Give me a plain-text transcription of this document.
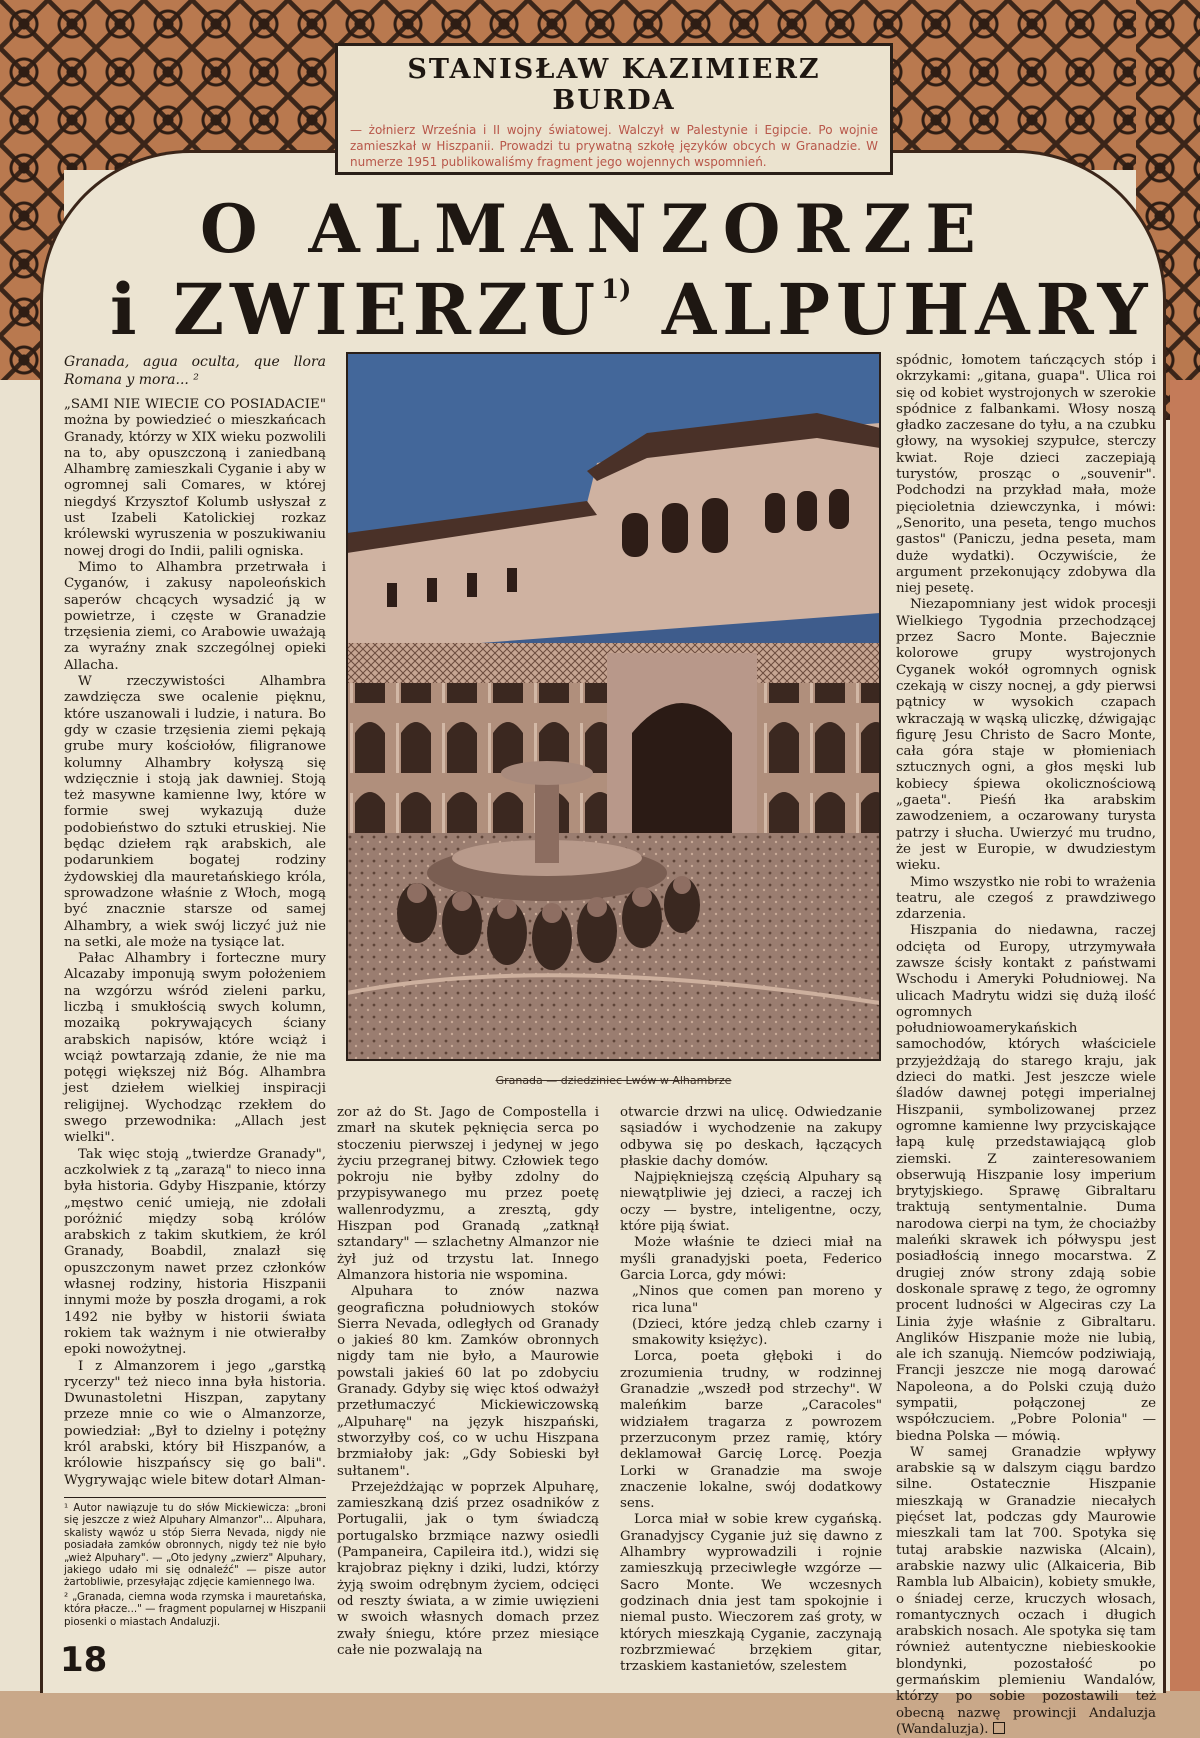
STANISŁAW KAZIMIERZ BURDA
— żołnierz Września i II wojny światowej. Walczył w Palestynie i Egipcie. Po wojnie zamieszkał w Hiszpanii. Prowadzi tu prywatną szkołę języków obcych w Granadzie. W numerze 1951 publikowaliśmy fragment jego wojennych wspomnień.
O ALMANZORZE
i ZWIERZU$^{1)}$ ALPUHARY

Granada, agua oculta, que llora Romana y mora... ²

„SAMI NIE WIECIE CO POSIADACIE" można by powiedzieć o mieszkańcach Granady, którzy w XIX wieku pozwolili na to, aby opuszczoną i zaniedbaną Alhambrę zamieszkali Cyganie i aby w ogromnej sali Comares, w której niegdyś Krzysztof Kolumb usłyszał z ust Izabeli Katolickiej rozkaz królewski wyruszenia w poszukiwaniu nowej drogi do Indii, palili ogniska.

Mimo to Alhambra przetrwała i Cyganów, i zakusy napoleońskich saperów chcących wysadzić ją w powietrze, i częste w Granadzie trzęsienia ziemi, co Arabowie uważają za wyraźny znak szczególnej opieki Allacha.

W rzeczywistości Alhambra zawdzięcza swe ocalenie pięknu, które uszanowali i ludzie, i natura. Bo gdy w czasie trzęsienia ziemi pękają grube mury kościołów, filigranowe kolumny Alhambry kołyszą się wdzięcznie i stoją jak dawniej. Stoją też masywne kamienne lwy, które w formie swej wykazują duże podobieństwo do sztuki etruskiej. Nie będąc dziełem rąk arabskich, ale podarunkiem bogatej rodziny żydowskiej dla mauretańskiego króla, sprowadzone właśnie z Włoch, mogą być znacznie starsze od samej Alhambry, a wiek swój liczyć już nie na setki, ale może na tysiące lat.

Pałac Alhambry i forteczne mury Alcazaby imponują swym położeniem na wzgórzu wśród zieleni parku, liczbą i smukłością swych kolumn, mozaiką pokrywających ściany arabskich napisów, które wciąż i wciąż powtarzają zdanie, że nie ma potęgi większej niż Bóg. Alhambra jest dziełem wielkiej inspiracji religijnej. Wychodząc rzekłem do swego przewodnika: „Allach jest wielki".

Tak więc stoją „twierdze Granady", aczkolwiek z tą „zarazą" to nieco inna była historia. Gdyby Hiszpanie, którzy „męstwo cenić umieją, nie zdołali poróżnić między sobą królów arabskich z takim skutkiem, że król Granady, Boabdil, znalazł się opuszczonym nawet przez członków własnej rodziny, historia Hiszpanii innymi może by poszła drogami, a rok 1492 nie byłby w historii świata rokiem tak ważnym i nie otwierałby epoki nowożytnej.

I z Almanzorem i jego „garstką rycerzy" też nieco inna była historia. Dwunastoletni Hiszpan, zapytany przeze mnie co wie o Almanzorze, powiedział: „Był to dzielny i potężny król arabski, który bił Hiszpanów, a królowie hiszpańscy się go bali". Wygrywając wiele bitew dotarł Alman-

¹ Autor nawiązuje tu do słów Mickiewicza: „broni się jeszcze z wież Alpuhary Almanzor"... Alpuhara, skalisty wąwóz u stóp Sierra Nevada, nigdy nie posiadała zamków obronnych, nigdy też nie było „wież Alpuhary". — „Oto jedyny „zwierz" Alpuhary, jakiego udało mi się odnaleźć" — pisze autor żartobliwie, przesyłając zdjęcie kamiennego lwa.

² „Granada, ciemna woda rzymska i mauretańska, która płacze..." — fragment popularnej w Hiszpanii piosenki o miastach Andaluzji.

Granada — dziedziniec Lwów w Alhambrze

zor aż do St. Jago de Compostella i zmarł na skutek pęknięcia serca po stoczeniu pierwszej i jedynej w jego życiu przegranej bitwy. Człowiek tego pokroju nie byłby zdolny do przypisywanego mu przez poetę wallenrodyzmu, a zresztą, gdy Hiszpan pod Granadą „zatknął sztandary" — szlachetny Almanzor nie żył już od trzystu lat. Innego Almanzora historia nie wspomina.

Alpuhara to znów nazwa geograficzna południowych stoków Sierra Nevada, odległych od Granady o jakieś 80 km. Zamków obronnych nigdy tam nie było, a Maurowie powstali jakieś 60 lat po zdobyciu Granady. Gdyby się więc ktoś odważył przetłumaczyć Mickiewiczowską „Alpuharę" na język hiszpański, stworzyłby coś, co w uchu Hiszpana brzmiałoby jak: „Gdy Sobieski był sułtanem".

Przejeżdżając w poprzek Alpuharę, zamieszkaną dziś przez osadników z Portugalii, jak o tym świadczą portugalsko brzmiące nazwy osiedli (Pampaneira, Capileira itd.), widzi się krajobraz piękny i dziki, ludzi, którzy żyją swoim odrębnym życiem, odcięci od reszty świata, a w zimie uwięzieni w swoich własnych domach przez zwały śniegu, które przez miesiące całe nie pozwalają na

otwarcie drzwi na ulicę. Odwiedzanie sąsiadów i wychodzenie na zakupy odbywa się po deskach, łączących płaskie dachy domów.

Najpiękniejszą częścią Alpuhary są niewątpliwie jej dzieci, a raczej ich oczy — bystre, inteligentne, oczy, które piją świat.

Może właśnie te dzieci miał na myśli granadyjski poeta, Federico Garcia Lorca, gdy mówi:

„Ninos que comen pan moreno y rica luna"

(Dzieci, które jedzą chleb czarny i smakowity księżyc).

Lorca, poeta głęboki i do zrozumienia trudny, w rodzinnej Granadzie „wszedł pod strzechy". W maleńkim barze „Caracoles" widziałem tragarza z powrozem przerzuconym przez ramię, który deklamował Garcię Lorcę. Poezja Lorki w Granadzie ma swoje znaczenie lokalne, swój dodatkowy sens.

Lorca miał w sobie krew cygańską. Granadyjscy Cyganie już się dawno z Alhambry wyprowadzili i rojnie zamieszkują przeciwległe wzgórze — Sacro Monte. We wczesnych godzinach dnia jest tam spokojnie i niemal pusto. Wieczorem zaś groty, w których mieszkają Cyganie, zaczynają rozbrzmiewać brzękiem gitar, trzaskiem kastanietów, szelestem

spódnic, łomotem tańczących stóp i okrzykami: „gitana, guapa". Ulica roi się od kobiet wystrojonych w szerokie spódnice z falbankami. Włosy noszą gładko zaczesane do tyłu, a na czubku głowy, na wysokiej szypułce, sterczy kwiat. Roje dzieci zaczepiają turystów, prosząc o „souvenir". Podchodzi na przykład mała, może pięcioletnia dziewczynka, i mówi: „Senorito, una peseta, tengo muchos gastos" (Paniczu, jedna peseta, mam duże wydatki). Oczywiście, że argument przekonujący zdobywa dla niej pesetę.

Niezapomniany jest widok procesji Wielkiego Tygodnia przechodzącej przez Sacro Monte. Bajecznie kolorowe grupy wystrojonych Cyganek wokół ogromnych ognisk czekają w ciszy nocnej, a gdy pierwsi pątnicy w wysokich czapach wkraczają w wąską uliczkę, dźwigając figurę Jesu Christo de Sacro Monte, cała góra staje w płomieniach sztucznych ogni, a głos męski lub kobiecy śpiewa okolicznościową „gaeta". Pieśń łka arabskim zawodzeniem, a oczarowany turysta patrzy i słucha. Uwierzyć mu trudno, że jest w Europie, w dwudziestym wieku.

Mimo wszystko nie robi to wrażenia teatru, ale czegoś z prawdziwego zdarzenia.

Hiszpania do niedawna, raczej odcięta od Europy, utrzymywała zawsze ścisły kontakt z państwami Wschodu i Ameryki Południowej. Na ulicach Madrytu widzi się dużą ilość ogromnych południowoamerykańskich samochodów, których właściciele przyjeżdżają do starego kraju, jak dzieci do matki. Jest jeszcze wiele śladów dawnej potęgi imperialnej Hiszpanii, symbolizowanej przez ogromne kamienne lwy przyciskające łapą kulę przedstawiającą glob ziemski. Z zainteresowaniem obserwują Hiszpanie losy imperium brytyjskiego. Sprawę Gibraltaru traktują sentymentalnie. Duma narodowa cierpi na tym, że chociażby maleńki skrawek ich półwyspu jest posiadłością innego mocarstwa. Z drugiej znów strony zdają sobie doskonale sprawę z tego, że ogromny procent ludności w Algeciras czy La Linia żyje właśnie z Gibraltaru. Anglików Hiszpanie może nie lubią, ale ich szanują. Niemców podziwiają, Francji jeszcze nie mogą darować Napoleona, a do Polski czują dużo sympatii, połączonej ze współczuciem. „Pobre Polonia" — biedna Polska — mówią.

W samej Granadzie wpływy arabskie są w dalszym ciągu bardzo silne. Ostatecznie Hiszpanie mieszkają w Granadzie niecałych pięćset lat, podczas gdy Maurowie mieszkali tam lat 700. Spotyka się tutaj arabskie nazwiska (Alcain), arabskie nazwy ulic (Alkaiceria, Bib Rambla lub Albaicin), kobiety smukłe, o śniadej cerze, kruczych włosach, romantycznych oczach i długich arabskich nosach. Ale spotyka się tam również autentyczne niebieskookie blondynki, pozostałość po germańskim plemieniu Wandalów, którzy po sobie pozostawili też obecną nazwę prowincji Andaluzja (Wandaluzja).

18
